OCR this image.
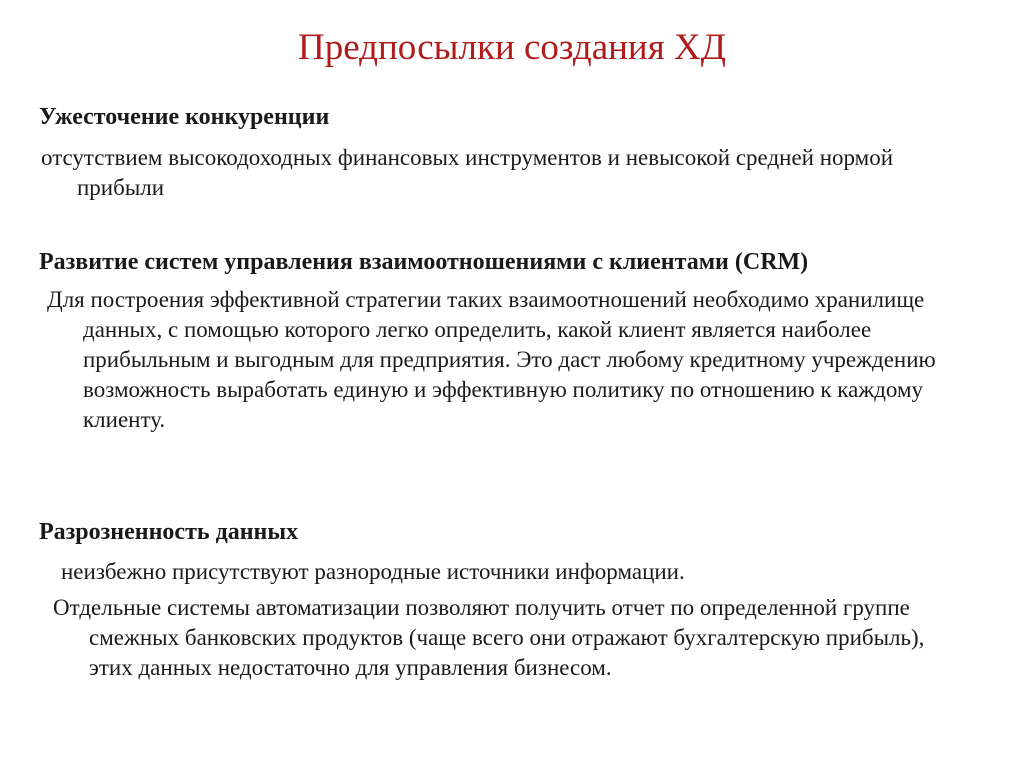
Предпосылки создания ХД

Ужесточение конкуренции

отсутствием высокодоходных финансовых инструментов и невысокой средней нормой прибыли

Развитие систем управления взаимоотношениями с клиентами (CRM)

Для построения эффективной стратегии таких взаимоотношений необходимо хранилище данных, с помощью которого легко определить, какой клиент является наиболее прибыльным и выгодным для предприятия. Это даст любому кредитному учреждению возможность выработать единую и эффективную политику по отношению к каждому клиенту.

Разрозненность данных

неизбежно присутствуют разнородные источники информации.

Отдельные системы автоматизации позволяют получить отчет по определенной группе смежных банковских продуктов (чаще всего они отражают бухгалтерскую прибыль), этих данных недостаточно для управления бизнесом.
